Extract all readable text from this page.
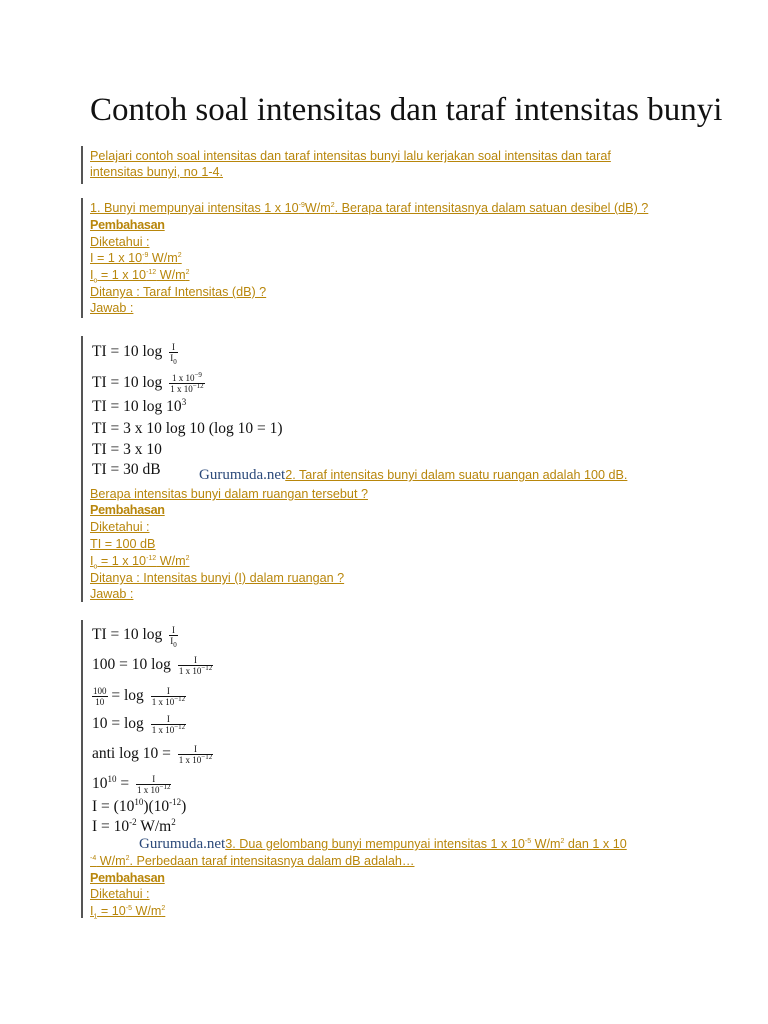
Contoh soal intensitas dan taraf intensitas bunyi

Pelajari contoh soal intensitas dan taraf intensitas bunyi lalu kerjakan soal intensitas dan taraf

intensitas bunyi, no 1-4.

1. Bunyi mempunyai intensitas 1 x $10^{-9}W/m^2$. Berapa taraf intensitasnya dalam satuan desibel (dB) ?

Pembahasan

Diketahui :

I = 1 x $10^{-9}$ $W/m^2$

$I_o = 1$ x $10^{-12}$ $W/m^2$

Ditanya : Taraf Intensitas (dB) ?

Jawab :

TI = 10 $\log \frac{I}{I_0}$
TI = 10 $\log \frac{1 x 10^{-9}}{1 x 10^{-12}}$
TI = 10 $\log 10^3$
TI = 3 x 10 log 10 (log 10 = 1)
TI = 3 x 10
TI = 30 dB	Gurumuda.net2. Taraf intensitas bunyi dalam suatu ruangan adalah 100 dB.

Berapa intensitas bunyi dalam ruangan tersebut ?

Pembahasan

Diketahui :

TI = 100 dB

$I_o = 1$ x $10^{-12}$ $W/m^2$

Ditanya : Intensitas bunyi (I) dalam ruangan ?

Jawab :

TI = 10 $\log \frac{I}{I_0}$
100 = 10 $\log \frac{I}{1 x 10^{-12}}$
$\frac{100}{10} = \log \frac{I}{1 x 10^{-12}}$
$10 = \log \frac{I}{1 x 10^{-12}}$
anti $\log 10 = \frac{I}{1 x 10^{-12}}$
$10^{10} = \frac{I}{1 x 10^{-12}}$
$I = (10^{10})(10^{-12})$
$I = 10^{-2}$ $W/m^2$

Gurumuda.net3. Dua gelombang bunyi mempunyai intensitas 1 x $10^{-5}$ $W/m^2$ dan 1 x 10

$^{-4}$ $W/m^2$. Perbedaan taraf intensitasnya dalam dB adalah…

Pembahasan

Diketahui :

$I_1 = 10^{-5}$ $W/m^2$
